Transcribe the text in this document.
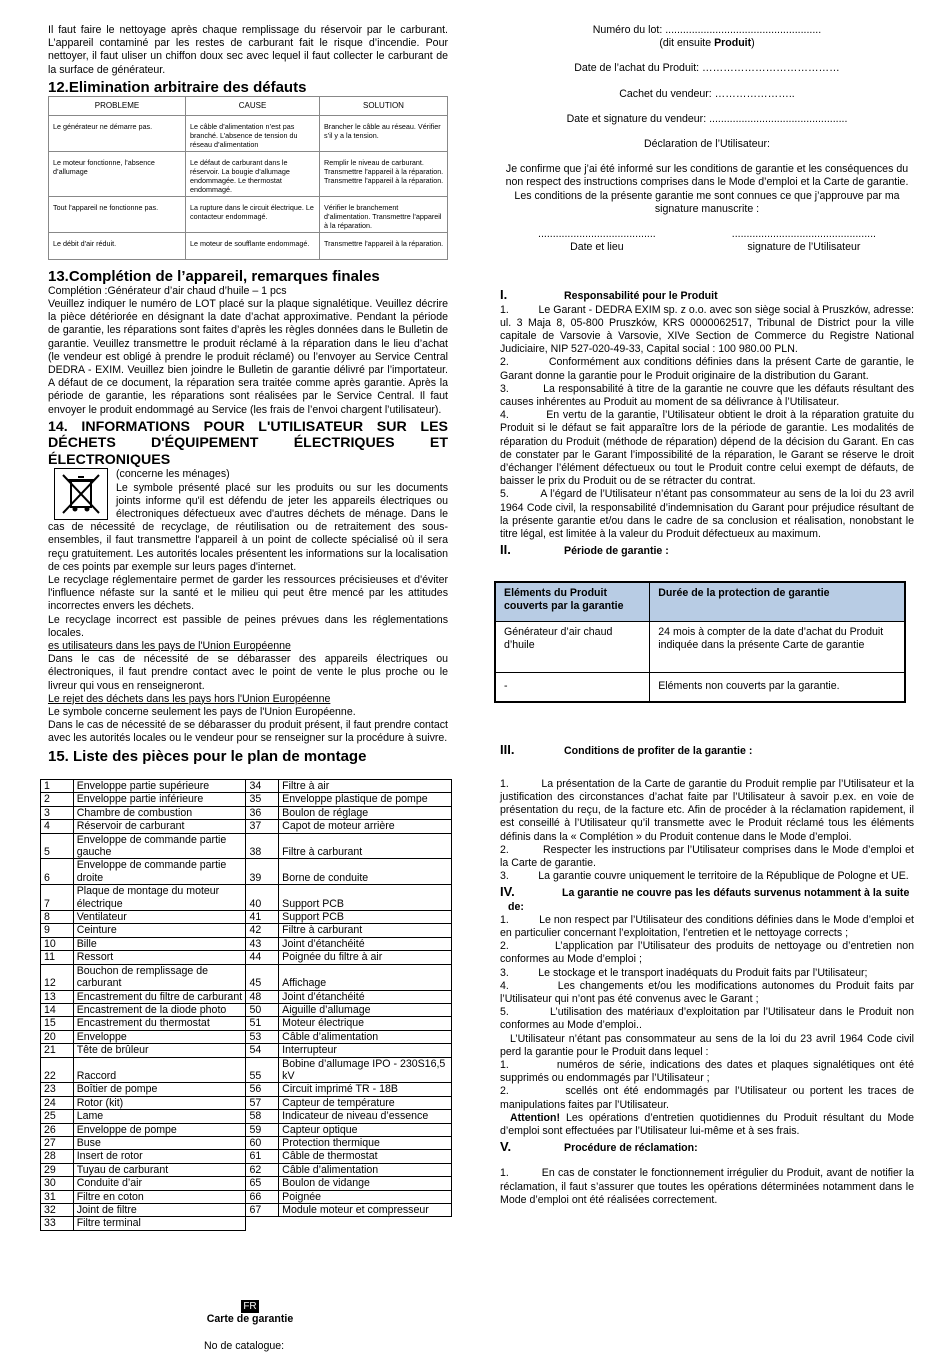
Il faut faire le nettoyage après chaque remplissage du réservoir par le carburant. L’appareil contaminé par les restes de carburant fait le risque d’incendie. Pour nettoyer, il faut uliser un chiffon doux sec avec lequel il faut collecter le carburant de la surface de générateur.

12.Elimination arbitraire des défauts
PROBLEME	CAUSE	SOLUTION
Le générateur ne démarre pas.	Le câble d’alimentation n’est pas branché. L’absence de tension du réseau d’alimentation	Brancher le câble au réseau. Vérifier s’il y a la tension.
Le moteur fonctionne, l’absence d’allumage	Le défaut de carburant dans le réservoir. La bougie d’allumage endommagée. Le thermostat endommagé.	Remplir le niveau de carburant. Transmettre l’appareil à la réparation. Transmettre l’appareil à la réparation.
Tout l’appareil ne fonctionne pas.	La rupture dans le circuit électrique. Le contacteur endommagé.	Vérifier le branchement d’alimentation. Transmettre l’appareil à la réparation.
Le débit d’air réduit.	Le moteur de soufflante endommagé.	Transmettre l’appareil à la réparation.
13.Complétion de l’appareil, remarques finales

Complétion :Générateur d’air chaud d’huile – 1 pcs

Veuillez indiquer le numéro de LOT placé sur la plaque signalétique. Veuillez décrire la pièce détériorée en désignant la date d’achat approximative. Pendant la période de garantie, les réparations sont faites d’après les règles données dans le Bulletin de garantie. Veuillez transmettre le produit réclamé à la réparation dans le lieu d’achat (le vendeur est obligé à prendre le produit réclamé) ou l’envoyer au Service Central DEDRA - EXIM. Veuillez bien joindre le Bulletin de garantie délivré par l’importateur. A défaut de ce document, la réparation sera traitée comme après garantie. Après la période de garantie, les réparations sont réalisées par le Service Central. Il faut envoyer le produit endommagé au Service (les frais de l’envoi chargent l’utilisateur).

14. INFORMATIONS POUR L'UTILISATEUR SUR LES DÉCHETS D'ÉQUIPEMENT ÉLECTRIQUES ET ÉLECTRONIQUES

(concerne les ménages)

Le symbole présenté placé sur les produits ou sur les documents joints informe qu'il est défendu de jeter les appareils électriques ou électroniques défectueux avec d'autres déchets de ménage. Dans le cas de nécessité de recyclage, de réutilisation ou de retraitement des sous-ensembles, il faut transmettre l'appareil à un point de collecte spécialisé où il sera reçu gratuitement. Les autorités locales présentent les informations sur la localisation de ces points par exemple sur leurs pages d'internet.

Le recyclage réglementaire permet de garder les ressources précisieuses et d'éviter l'influence néfaste sur la santé et le milieu qui peut être mencé par les attitudes incorrectes envers les déchets.

Le recyclage incorrect est passible de peines prévues dans les réglementations locales.

es utilisateurs dans les pays de l'Union Européenne

Dans le cas de nécessité de se débarasser des appareils électriques ou électroniques, il faut prendre contact avec le point de vente le plus proche ou le livreur qui vous en renseigneront.

Le rejet des déchets dans les pays hors l'Union Européenne

Le symbole concerne seulement les pays de l'Union Européenne.

Dans le cas de nécessité de se débarasser du produit présent, il faut prendre contact avec les autorités locales ou le vendeur pour se renseigner sur la procédure à suivre.

15. Liste des pièces pour le plan de montage
1	Enveloppe partie supérieure	34	Filtre à air
2	Enveloppe partie inférieure	35	Enveloppe plastique de pompe
3	Chambre de combustion	36	Boulon de réglage
4	Réservoir de carburant	37	Capot de moteur arrière
5	Enveloppe de commande partie gauche	38	Filtre à carburant
6	Enveloppe de commande partie droite	39	Borne de conduite
7	Plaque de montage du moteur électrique	40	Support PCB
8	Ventilateur	41	Support PCB
9	Ceinture	42	Filtre à carburant
10	Bille	43	Joint d’étanchéité
11	Ressort	44	Poignée du filtre à air
12	Bouchon de remplissage de carburant	45	Affichage
13	Encastrement du filtre de carburant	48	Joint d’étanchéité
14	Encastrement de la diode photo	50	Aiguille d’allumage
15	Encastrement du thermostat	51	Moteur électrique
20	Enveloppe	53	Câble d’alimentation
21	Tête de brûleur	54	Interrupteur
22	Raccord	55	Bobine d’allumage IPO - 230S16,5 kV
23	Boîtier de pompe	56	Circuit imprimé TR - 18B
24	Rotor (kit)	57	Capteur de température
25	Lame	58	Indicateur de niveau d’essence
26	Enveloppe de pompe	59	Capteur optique
27	Buse	60	Protection thermique
28	Insert de rotor	61	Câble de thermostat
29	Tuyau de carburant	62	Câble d’alimentation
30	Conduite d’air	65	Boulon de vidange
31	Filtre en coton	66	Poignée
32	Joint de filtre	67	Module moteur et compresseur
33	Filtre terminal		
FR
Carte de garantie
No de catalogue:

Numéro du lot: .....................................................

(dit ensuite Produit)

Date de l’achat du Produit: …………………………………

Cachet du vendeur: …………………..

Date et signature du vendeur: ...............................................

Déclaration de l’Utilisateur:

Je confirme que j’ai été informé sur les conditions de garantie et les conséquences du non respect des instructions comprises dans le Mode d’emploi et la Carte de garantie. Les conditions de la présente garantie me sont connues ce que j’approuve par ma signature manuscrite :

........................................
Date et lieu
.................................................
signature de l’Utilisateur
I.	Responsabilité pour le Produit

1.          Le Garant - DEDRA EXIM sp. z o.o. avec son siège social à Pruszków, adresse: ul. 3 Maja 8, 05-800 Pruszków, KRS 0000062517, Tribunal de District pour la ville capitale de Varsovie à Varsovie, XIVe Section de Commerce du Registre National Judiciaire, NIP 527-020-49-33, Capital social : 100 980.00 PLN.

2.          Conformément aux conditions définies dans la présent Carte de garantie, le Garant donne la garantie pour le Produit originaire de la distribution du Garant.

3.          La responsabilité à titre de la garantie ne couvre que les défauts résultant des causes inhérentes au Produit au moment de sa délivrance à l’Utilisateur.

4.          En vertu de la garantie, l’Utilisateur obtient le droit à la réparation gratuite du Produit si le défaut se fait apparaître lors de la période de garantie. Les modalités de réparation du Produit (méthode de réparation) dépend de la décision du Garant. En cas de constater par le Garant l’impossibilité de la réparation, le Garant se réserve le droit d’échanger l’élément défectueux ou tout le Produit contre celui exempt de défauts, de baisser le prix du Produit ou de se rétracter du contrat.

5.          A l’égard de l’Utilisateur n’étant pas consommateur au sens de la loi du 23 avril 1964 Code civil, la responsabilité d’indemnisation du Garant pour préjudice résultant de la présente garantie et/ou dans le cadre de sa conclusion et réalisation, nonobstant le titre légal, est limitée à la valeur du Produit défectueux au maximum.

II.	Période de garantie :
Eléments du Produit couverts par la garantie	Durée de la protection de garantie
Générateur d’air chaud d’huile	24 mois à compter de la date d’achat du Produit indiquée dans la présente Carte de garantie
-	Eléments non couverts par la garantie.
III.	Conditions de profiter de la garantie :

1.          La présentation de la Carte de garantie du Produit remplie par l’Utilisateur et la justification des circonstances d’achat faite par l’Utilisateur à savoir p.ex. en voie de présentation du reçu, de la facture etc. Afin de procéder à la réclamation rapidement, il est conseillé à l’Utilisateur qu’il transmette avec le Produit réclamé tous les éléments définis dans la « Complétion » du Produit contenue dans le Mode d’emploi.

2.          Respecter les instructions par l’Utilisateur comprises dans le Mode d’emploi et la Carte de garantie.

3.          La garantie couvre uniquement le territoire de la République de Pologne et UE.

IV.	La garantie ne couvre pas les défauts survenus notamment à la suite de:

1.          Le non respect par l’Utilisateur des conditions définies dans le Mode d’emploi et en particulier concernant l’exploitation, l’entretien et le nettoyage corrects ;

2.          L’application par l’Utilisateur des produits de nettoyage ou d’entretien non conformes au Mode d’emploi ;

3.          Le stockage et le transport inadéquats du Produit faits par l’Utilisateur;

4.          Les changements et/ou les modifications autonomes du Produit faits par l’Utilisateur qui n’ont pas été convenus avec le Garant ;

5.          L’utilisation des matériaux d’exploitation par l’Utilisateur dans le Produit non conformes au Mode d’emploi..

L’Utilisateur n’étant pas consommateur au sens de la loi du 23 avril 1964 Code civil perd la garantie pour le Produit dans lequel :

1.          numéros de série, indications des dates et plaques signalétiques ont été supprimés ou endommagés par l’Utilisateur ;

2.          scellés ont été endommagés par l’Utilisateur ou portent les traces de manipulations faites par l’Utilisateur.

Attention! Les opérations d’entretien quotidiennes du Produit résultant du Mode d’emploi sont effectuées par l’Utilisateur lui-même et à ses frais.

V.	Procédure de réclamation:

1.          En cas de constater le fonctionnement irrégulier du Produit, avant de notifier la réclamation, il faut s’assurer que toutes les opérations déterminées notamment dans le Mode d’emploi ont été réalisées correctement.
